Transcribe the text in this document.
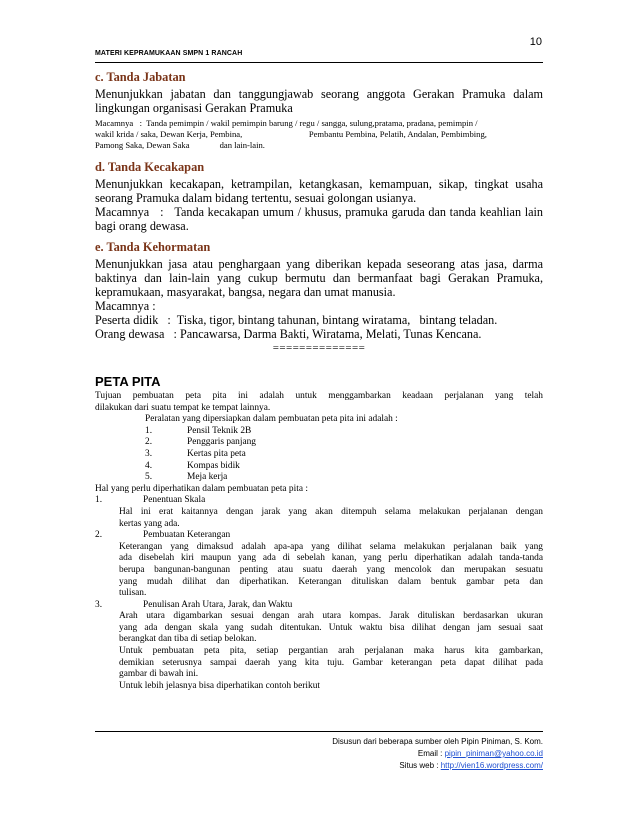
10
MATERI KEPRAMUKAAN SMPN 1 RANCAH
c. Tanda Jabatan
Menunjukkan jabatan dan tanggungjawab seorang anggota Gerakan Pramuka dalam
lingkungan organisasi Gerakan Pramuka
Macamnya   :  Tanda pemimpin / wakil pemimpin barung / regu / sangga, sulung,pratama, pradana, pemimpin /
wakil krida / saka, Dewan Kerja, Pembina,                               Pembantu Pembina, Pelatih, Andalan, Pembimbing,
Pamong Saka, Dewan Saka              dan lain-lain.
d. Tanda Kecakapan
Menunjukkan kecakapan, ketrampilan, ketangkasan, kemampuan, sikap, tingkat usaha
seorang Pramuka dalam bidang tertentu, sesuai golongan usianya.
Macamnya   :   Tanda kecakapan umum / khusus, pramuka garuda dan tanda keahlian lain
bagi orang dewasa.
e. Tanda Kehormatan
Menunjukkan jasa atau penghargaan yang diberikan kepada seseorang atas jasa, darma
baktinya dan lain-lain yang cukup bermutu dan bermanfaat bagi Gerakan Pramuka,
kepramukaan, masyarakat, bangsa, negara dan umat manusia.
Macamnya :
Peserta didik   :  Tiska, tigor, bintang tahunan, bintang wiratama,   bintang teladan.
Orang dewasa   : Pancawarsa, Darma Bakti, Wiratama, Melati, Tunas Kencana.
==============
PETA PITA
Tujuan pembuatan peta pita ini adalah untuk menggambarkan keadaan perjalanan yang telah
dilakukan dari suatu tempat ke tempat lainnya.
Peralatan yang dipersiapkan dalam pembuatan peta pita ini adalah :
1.	Pensil Teknik 2B
2.	Penggaris panjang
3.	Kertas pita peta
4.	Kompas bidik
5.	Meja kerja
Hal yang perlu diperhatikan dalam pembuatan peta pita :
1.	Penentuan Skala
Hal ini erat kaitannya dengan jarak yang akan ditempuh selama melakukan perjalanan dengan
kertas yang ada.
2.	Pembuatan Keterangan
Keterangan yang dimaksud adalah apa-apa yang dilihat selama melakukan perjalanan baik yang
ada disebelah kiri maupun yang ada di sebelah kanan, yang perlu diperhatikan adalah tanda-tanda
berupa bangunan-bangunan penting atau suatu daerah yang mencolok dan merupakan sesuatu
yang mudah dilihat dan diperhatikan. Keterangan dituliskan dalam bentuk gambar peta dan
tulisan.
3.	Penulisan Arah Utara, Jarak, dan Waktu
Arah utara digambarkan sesuai dengan arah utara kompas. Jarak dituliskan berdasarkan ukuran
yang ada dengan skala yang sudah ditentukan. Untuk waktu bisa dilihat dengan jam sesuai saat
berangkat dan tiba di setiap belokan.
Untuk pembuatan peta pita, setiap pergantian arah perjalanan maka harus kita gambarkan,
demikian seterusnya sampai daerah yang kita tuju. Gambar keterangan peta dapat dilihat pada
gambar di bawah ini.
Untuk lebih jelasnya bisa diperhatikan contoh berikut
Disusun dari beberapa sumber oleh Pipin Piniman, S. Kom.
Email : pipin_piniman@yahoo.co.id
Situs web : http://vien16.wordpress.com/
